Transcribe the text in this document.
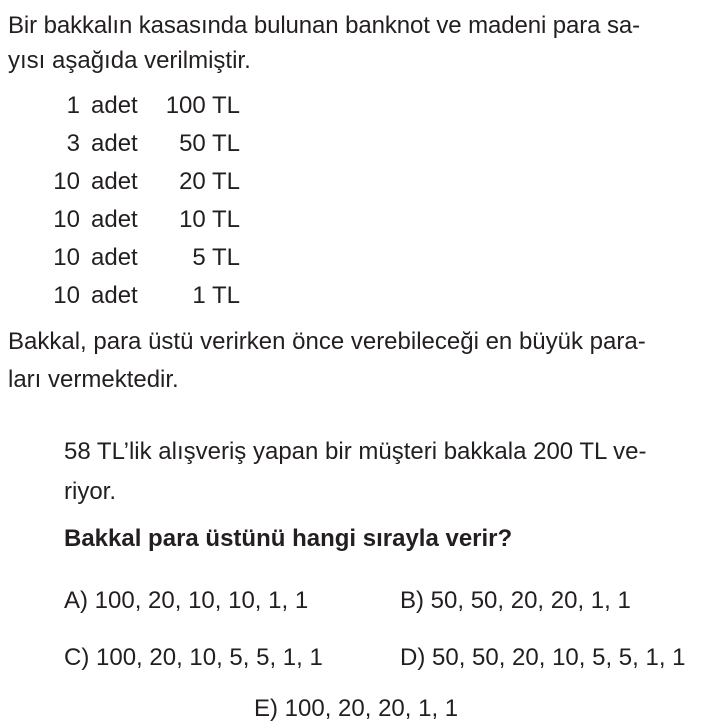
Bir bakkalın kasasında bulunan banknot ve madeni para sa-
yısı aşağıda verilmiştir.
1 adet 100 TL
3 adet 50 TL
10 adet 20 TL
10 adet 10 TL
10 adet 5 TL
10 adet 1 TL
Bakkal, para üstü verirken önce verebileceği en büyük para-
ları vermektedir.
58 TL’lik alışveriş yapan bir müşteri bakkala 200 TL ve-
riyor.
Bakkal para üstünü hangi sırayla verir?
A) 100, 20, 10, 10, 1, 1	B) 50, 50, 20, 20, 1, 1
C) 100, 20, 10, 5, 5, 1, 1	D) 50, 50, 20, 10, 5, 5, 1, 1
E) 100, 20, 20, 1, 1
